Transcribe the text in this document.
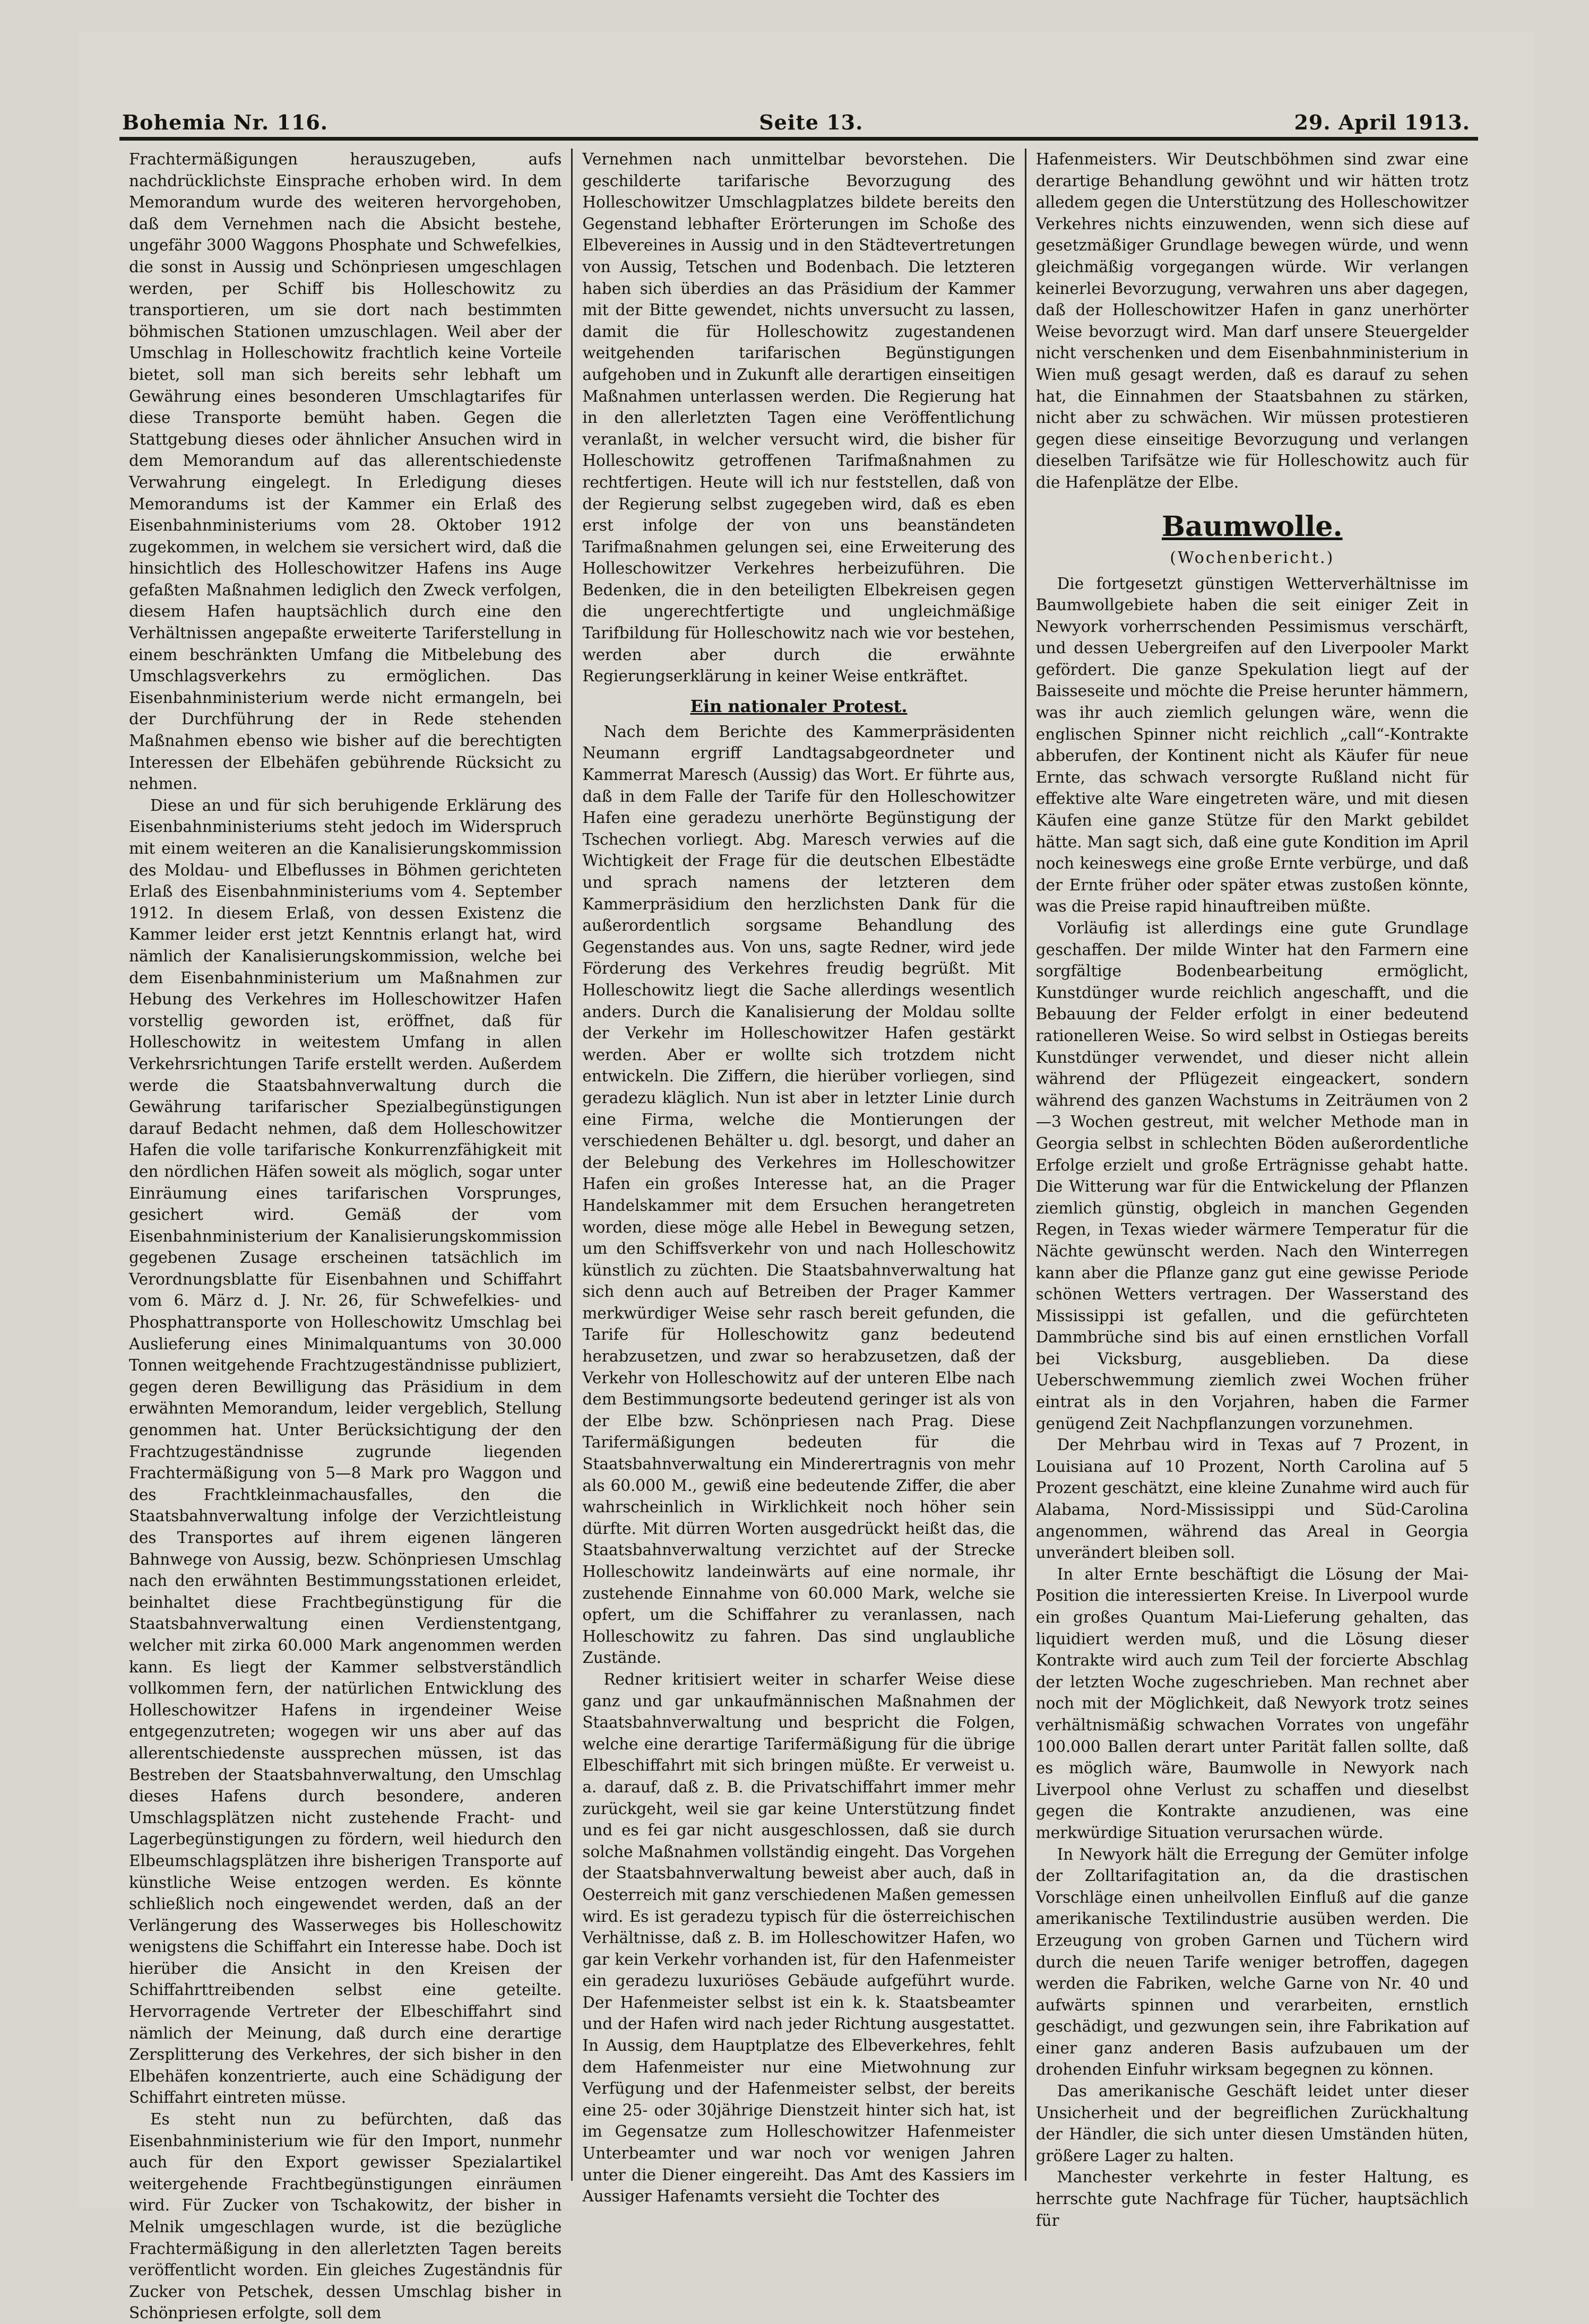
Bohemia Nr. 116.	Seite 13.	29. April 1913.

Frachtermäßigungen herauszugeben, aufs nachdrücklichste Einsprache erhoben wird. In dem Memorandum wurde des weiteren hervorgehoben, daß dem Vernehmen nach die Absicht bestehe, ungefähr 3000 Waggons Phosphate und Schwefelkies, die sonst in Aussig und Schönpriesen umgeschlagen werden, per Schiff bis Holleschowitz zu transportieren, um sie dort nach bestimmten böhmischen Stationen umzuschlagen. Weil aber der Umschlag in Holleschowitz frachtlich keine Vorteile bietet, soll man sich bereits sehr lebhaft um Gewährung eines besonderen Umschlagtarifes für diese Transporte bemüht haben. Gegen die Stattgebung dieses oder ähnlicher Ansuchen wird in dem Memorandum auf das allerentschiedenste Verwahrung eingelegt. In Erledigung dieses Memorandums ist der Kammer ein Erlaß des Eisenbahnministeriums vom 28. Oktober 1912 zugekommen, in welchem sie versichert wird, daß die hinsichtlich des Holleschowitzer Hafens ins Auge gefaßten Maßnahmen lediglich den Zweck verfolgen, diesem Hafen hauptsächlich durch eine den Verhältnissen angepaßte erweiterte Tariferstellung in einem beschränkten Umfang die Mitbelebung des Umschlagsverkehrs zu ermöglichen. Das Eisenbahnministerium werde nicht ermangeln, bei der Durchführung der in Rede stehenden Maßnahmen ebenso wie bisher auf die berechtigten Interessen der Elbehäfen gebührende Rücksicht zu nehmen.

Diese an und für sich beruhigende Erklärung des Eisenbahnministeriums steht jedoch im Widerspruch mit einem weiteren an die Kanalisierungskommission des Moldau- und Elbeflusses in Böhmen gerichteten Erlaß des Eisenbahnministeriums vom 4. September 1912. In diesem Erlaß, von dessen Existenz die Kammer leider erst jetzt Kenntnis erlangt hat, wird nämlich der Kanalisierungskommission, welche bei dem Eisenbahnministerium um Maßnahmen zur Hebung des Verkehres im Holleschowitzer Hafen vorstellig geworden ist, eröffnet, daß für Holleschowitz in weitestem Umfang in allen Verkehrsrichtungen Tarife erstellt werden. Außerdem werde die Staatsbahnverwaltung durch die Gewährung tarifarischer Spezialbegünstigungen darauf Bedacht nehmen, daß dem Holleschowitzer Hafen die volle tarifarische Konkurrenzfähigkeit mit den nördlichen Häfen soweit als möglich, sogar unter Einräumung eines tarifarischen Vorsprunges, gesichert wird. Gemäß der vom Eisenbahnministerium der Kanalisierungskommission gegebenen Zusage erscheinen tatsächlich im Verordnungsblatte für Eisenbahnen und Schiffahrt vom 6. März d. J. Nr. 26, für Schwefelkies- und Phosphattransporte von Holleschowitz Umschlag bei Auslieferung eines Minimalquantums von 30.000 Tonnen weitgehende Frachtzugeständnisse publiziert, gegen deren Bewilligung das Präsidium in dem erwähnten Memorandum, leider vergeblich, Stellung genommen hat. Unter Berücksichtigung der den Frachtzugeständnisse zugrunde liegenden Frachtermäßigung von 5—8 Mark pro Waggon und des Frachtkleinmachausfalles, den die Staatsbahnverwaltung infolge der Verzichtleistung des Transportes auf ihrem eigenen längeren Bahnwege von Aussig, bezw. Schönpriesen Umschlag nach den erwähnten Bestimmungsstationen erleidet, beinhaltet diese Frachtbegünstigung für die Staatsbahnverwaltung einen Verdienstentgang, welcher mit zirka 60.000 Mark angenommen werden kann. Es liegt der Kammer selbstverständlich vollkommen fern, der natürlichen Entwicklung des Holleschowitzer Hafens in irgendeiner Weise entgegenzutreten; wogegen wir uns aber auf das allerentschiedenste aussprechen müssen, ist das Bestreben der Staatsbahnverwaltung, den Umschlag dieses Hafens durch besondere, anderen Umschlagsplätzen nicht zustehende Fracht- und Lagerbegünstigungen zu fördern, weil hiedurch den Elbeumschlagsplätzen ihre bisherigen Transporte auf künstliche Weise entzogen werden. Es könnte schließlich noch eingewendet werden, daß an der Verlängerung des Wasserweges bis Holleschowitz wenigstens die Schiffahrt ein Interesse habe. Doch ist hierüber die Ansicht in den Kreisen der Schiffahrttreibenden selbst eine geteilte. Hervorragende Vertreter der Elbeschiffahrt sind nämlich der Meinung, daß durch eine derartige Zersplitterung des Verkehres, der sich bisher in den Elbehäfen konzentrierte, auch eine Schädigung der Schiffahrt eintreten müsse.

Es steht nun zu befürchten, daß das Eisenbahnministerium wie für den Import, nunmehr auch für den Export gewisser Spezialartikel weitergehende Frachtbegünstigungen einräumen wird. Für Zucker von Tschakowitz, der bisher in Melnik umgeschlagen wurde, ist die bezügliche Frachtermäßigung in den allerletzten Tagen bereits veröffentlicht worden. Ein gleiches Zugeständnis für Zucker von Petschek, dessen Umschlag bisher in Schönpriesen erfolgte, soll dem

Vernehmen nach unmittelbar bevorstehen. Die geschilderte tarifarische Bevorzugung des Holleschowitzer Umschlagplatzes bildete bereits den Gegenstand lebhafter Erörterungen im Schoße des Elbevereines in Aussig und in den Städtevertretungen von Aussig, Tetschen und Bodenbach. Die letzteren haben sich überdies an das Präsidium der Kammer mit der Bitte gewendet, nichts unversucht zu lassen, damit die für Holleschowitz zugestandenen weitgehenden tarifarischen Begünstigungen aufgehoben und in Zukunft alle derartigen einseitigen Maßnahmen unterlassen werden. Die Regierung hat in den allerletzten Tagen eine Veröffentlichung veranlaßt, in welcher versucht wird, die bisher für Holleschowitz getroffenen Tarifmaßnahmen zu rechtfertigen. Heute will ich nur feststellen, daß von der Regierung selbst zugegeben wird, daß es eben erst infolge der von uns beanständeten Tarifmaßnahmen gelungen sei, eine Erweiterung des Holleschowitzer Verkehres herbeizuführen. Die Bedenken, die in den beteiligten Elbekreisen gegen die ungerechtfertigte und ungleichmäßige Tarifbildung für Holleschowitz nach wie vor bestehen, werden aber durch die erwähnte Regierungserklärung in keiner Weise entkräftet.

Ein nationaler Protest.

Nach dem Berichte des Kammerpräsidenten Neumann ergriff Landtagsabgeordneter und Kammerrat Maresch (Aussig) das Wort. Er führte aus, daß in dem Falle der Tarife für den Holleschowitzer Hafen eine geradezu unerhörte Begünstigung der Tschechen vorliegt. Abg. Maresch verwies auf die Wichtigkeit der Frage für die deutschen Elbestädte und sprach namens der letzteren dem Kammerpräsidium den herzlichsten Dank für die außerordentlich sorgsame Behandlung des Gegenstandes aus. Von uns, sagte Redner, wird jede Förderung des Verkehres freudig begrüßt. Mit Holleschowitz liegt die Sache allerdings wesentlich anders. Durch die Kanalisierung der Moldau sollte der Verkehr im Holleschowitzer Hafen gestärkt werden. Aber er wollte sich trotzdem nicht entwickeln. Die Ziffern, die hierüber vorliegen, sind geradezu kläglich. Nun ist aber in letzter Linie durch eine Firma, welche die Montierungen der verschiedenen Behälter u. dgl. besorgt, und daher an der Belebung des Verkehres im Holleschowitzer Hafen ein großes Interesse hat, an die Prager Handelskammer mit dem Ersuchen herangetreten worden, diese möge alle Hebel in Bewegung setzen, um den Schiffsverkehr von und nach Holleschowitz künstlich zu züchten. Die Staatsbahnverwaltung hat sich denn auch auf Betreiben der Prager Kammer merkwürdiger Weise sehr rasch bereit gefunden, die Tarife für Holleschowitz ganz bedeutend herabzusetzen, und zwar so herabzusetzen, daß der Verkehr von Holleschowitz auf der unteren Elbe nach dem Bestimmungsorte bedeutend geringer ist als von der Elbe bzw. Schönpriesen nach Prag. Diese Tarifermäßigungen bedeuten für die Staatsbahnverwaltung ein Minderertragnis von mehr als 60.000 M., gewiß eine bedeutende Ziffer, die aber wahrscheinlich in Wirklichkeit noch höher sein dürfte. Mit dürren Worten ausgedrückt heißt das, die Staatsbahnverwaltung verzichtet auf der Strecke Holleschowitz landeinwärts auf eine normale, ihr zustehende Einnahme von 60.000 Mark, welche sie opfert, um die Schiffahrer zu veranlassen, nach Holleschowitz zu fahren. Das sind unglaubliche Zustände.

Redner kritisiert weiter in scharfer Weise diese ganz und gar unkaufmännischen Maßnahmen der Staatsbahnverwaltung und bespricht die Folgen, welche eine derartige Tarifermäßigung für die übrige Elbeschiffahrt mit sich bringen müßte. Er verweist u. a. darauf, daß z. B. die Privatschiffahrt immer mehr zurückgeht, weil sie gar keine Unterstützung findet und es fei gar nicht ausgeschlossen, daß sie durch solche Maßnahmen vollständig eingeht. Das Vorgehen der Staatsbahnverwaltung beweist aber auch, daß in Oesterreich mit ganz verschiedenen Maßen gemessen wird. Es ist geradezu typisch für die österreichischen Verhältnisse, daß z. B. im Holleschowitzer Hafen, wo gar kein Verkehr vorhanden ist, für den Hafenmeister ein geradezu luxuriöses Gebäude aufgeführt wurde. Der Hafenmeister selbst ist ein k. k. Staatsbeamter und der Hafen wird nach jeder Richtung ausgestattet. In Aussig, dem Hauptplatze des Elbeverkehres, fehlt dem Hafenmeister nur eine Mietwohnung zur Verfügung und der Hafenmeister selbst, der bereits eine 25- oder 30jährige Dienstzeit hinter sich hat, ist im Gegensatze zum Holleschowitzer Hafenmeister Unterbeamter und war noch vor wenigen Jahren unter die Diener eingereiht. Das Amt des Kassiers im Aussiger Hafenamts versieht die Tochter des

Hafenmeisters. Wir Deutschböhmen sind zwar eine derartige Behandlung gewöhnt und wir hätten trotz alledem gegen die Unterstützung des Holleschowitzer Verkehres nichts einzuwenden, wenn sich diese auf gesetzmäßiger Grundlage bewegen würde, und wenn gleichmäßig vorgegangen würde. Wir verlangen keinerlei Bevorzugung, verwahren uns aber dagegen, daß der Holleschowitzer Hafen in ganz unerhörter Weise bevorzugt wird. Man darf unsere Steuergelder nicht verschenken und dem Eisenbahnministerium in Wien muß gesagt werden, daß es darauf zu sehen hat, die Einnahmen der Staatsbahnen zu stärken, nicht aber zu schwächen. Wir müssen protestieren gegen diese einseitige Bevorzugung und verlangen dieselben Tarifsätze wie für Holleschowitz auch für die Hafenplätze der Elbe.

Baumwolle.
(Wochenbericht.)

Die fortgesetzt günstigen Wetterverhältnisse im Baumwollgebiete haben die seit einiger Zeit in Newyork vorherrschenden Pessimismus verschärft, und dessen Uebergreifen auf den Liverpooler Markt gefördert. Die ganze Spekulation liegt auf der Baisseseite und möchte die Preise herunter hämmern, was ihr auch ziemlich gelungen wäre, wenn die englischen Spinner nicht reichlich „call“-Kontrakte abberufen, der Kontinent nicht als Käufer für neue Ernte, das schwach versorgte Rußland nicht für effektive alte Ware eingetreten wäre, und mit diesen Käufen eine ganze Stütze für den Markt gebildet hätte. Man sagt sich, daß eine gute Kondition im April noch keineswegs eine große Ernte verbürge, und daß der Ernte früher oder später etwas zustoßen könnte, was die Preise rapid hinauftreiben müßte.

Vorläufig ist allerdings eine gute Grundlage geschaffen. Der milde Winter hat den Farmern eine sorgfältige Bodenbearbeitung ermöglicht, Kunstdünger wurde reichlich angeschafft, und die Bebauung der Felder erfolgt in einer bedeutend rationelleren Weise. So wird selbst in Ostiegas bereits Kunstdünger verwendet, und dieser nicht allein während der Pflügezeit eingeackert, sondern während des ganzen Wachstums in Zeiträumen von 2—3 Wochen gestreut, mit welcher Methode man in Georgia selbst in schlechten Böden außerordentliche Erfolge erzielt und große Erträgnisse gehabt hatte. Die Witterung war für die Entwickelung der Pflanzen ziemlich günstig, obgleich in manchen Gegenden Regen, in Texas wieder wärmere Temperatur für die Nächte gewünscht werden. Nach den Winterregen kann aber die Pflanze ganz gut eine gewisse Periode schönen Wetters vertragen. Der Wasserstand des Mississippi ist gefallen, und die gefürchteten Dammbrüche sind bis auf einen ernstlichen Vorfall bei Vicksburg, ausgeblieben. Da diese Ueberschwemmung ziemlich zwei Wochen früher eintrat als in den Vorjahren, haben die Farmer genügend Zeit Nachpflanzungen vorzunehmen.

Der Mehrbau wird in Texas auf 7 Prozent, in Louisiana auf 10 Prozent, North Carolina auf 5 Prozent geschätzt, eine kleine Zunahme wird auch für Alabama, Nord-Mississippi und Süd-Carolina angenommen, während das Areal in Georgia unverändert bleiben soll.

In alter Ernte beschäftigt die Lösung der Mai-Position die interessierten Kreise. In Liverpool wurde ein großes Quantum Mai-Lieferung gehalten, das liquidiert werden muß, und die Lösung dieser Kontrakte wird auch zum Teil der forcierte Abschlag der letzten Woche zugeschrieben. Man rechnet aber noch mit der Möglichkeit, daß Newyork trotz seines verhältnismäßig schwachen Vorrates von ungefähr 100.000 Ballen derart unter Parität fallen sollte, daß es möglich wäre, Baumwolle in Newyork nach Liverpool ohne Verlust zu schaffen und dieselbst gegen die Kontrakte anzudienen, was eine merkwürdige Situation verursachen würde.

In Newyork hält die Erregung der Gemüter infolge der Zolltarifagitation an, da die drastischen Vorschläge einen unheilvollen Einfluß auf die ganze amerikanische Textilindustrie ausüben werden. Die Erzeugung von groben Garnen und Tüchern wird durch die neuen Tarife weniger betroffen, dagegen werden die Fabriken, welche Garne von Nr. 40 und aufwärts spinnen und verarbeiten, ernstlich geschädigt, und gezwungen sein, ihre Fabrikation auf einer ganz anderen Basis aufzubauen um der drohenden Einfuhr wirksam begegnen zu können.

Das amerikanische Geschäft leidet unter dieser Unsicherheit und der begreiflichen Zurückhaltung der Händler, die sich unter diesen Umständen hüten, größere Lager zu halten.

Manchester verkehrte in fester Haltung, es herrschte gute Nachfrage für Tücher, hauptsächlich für
